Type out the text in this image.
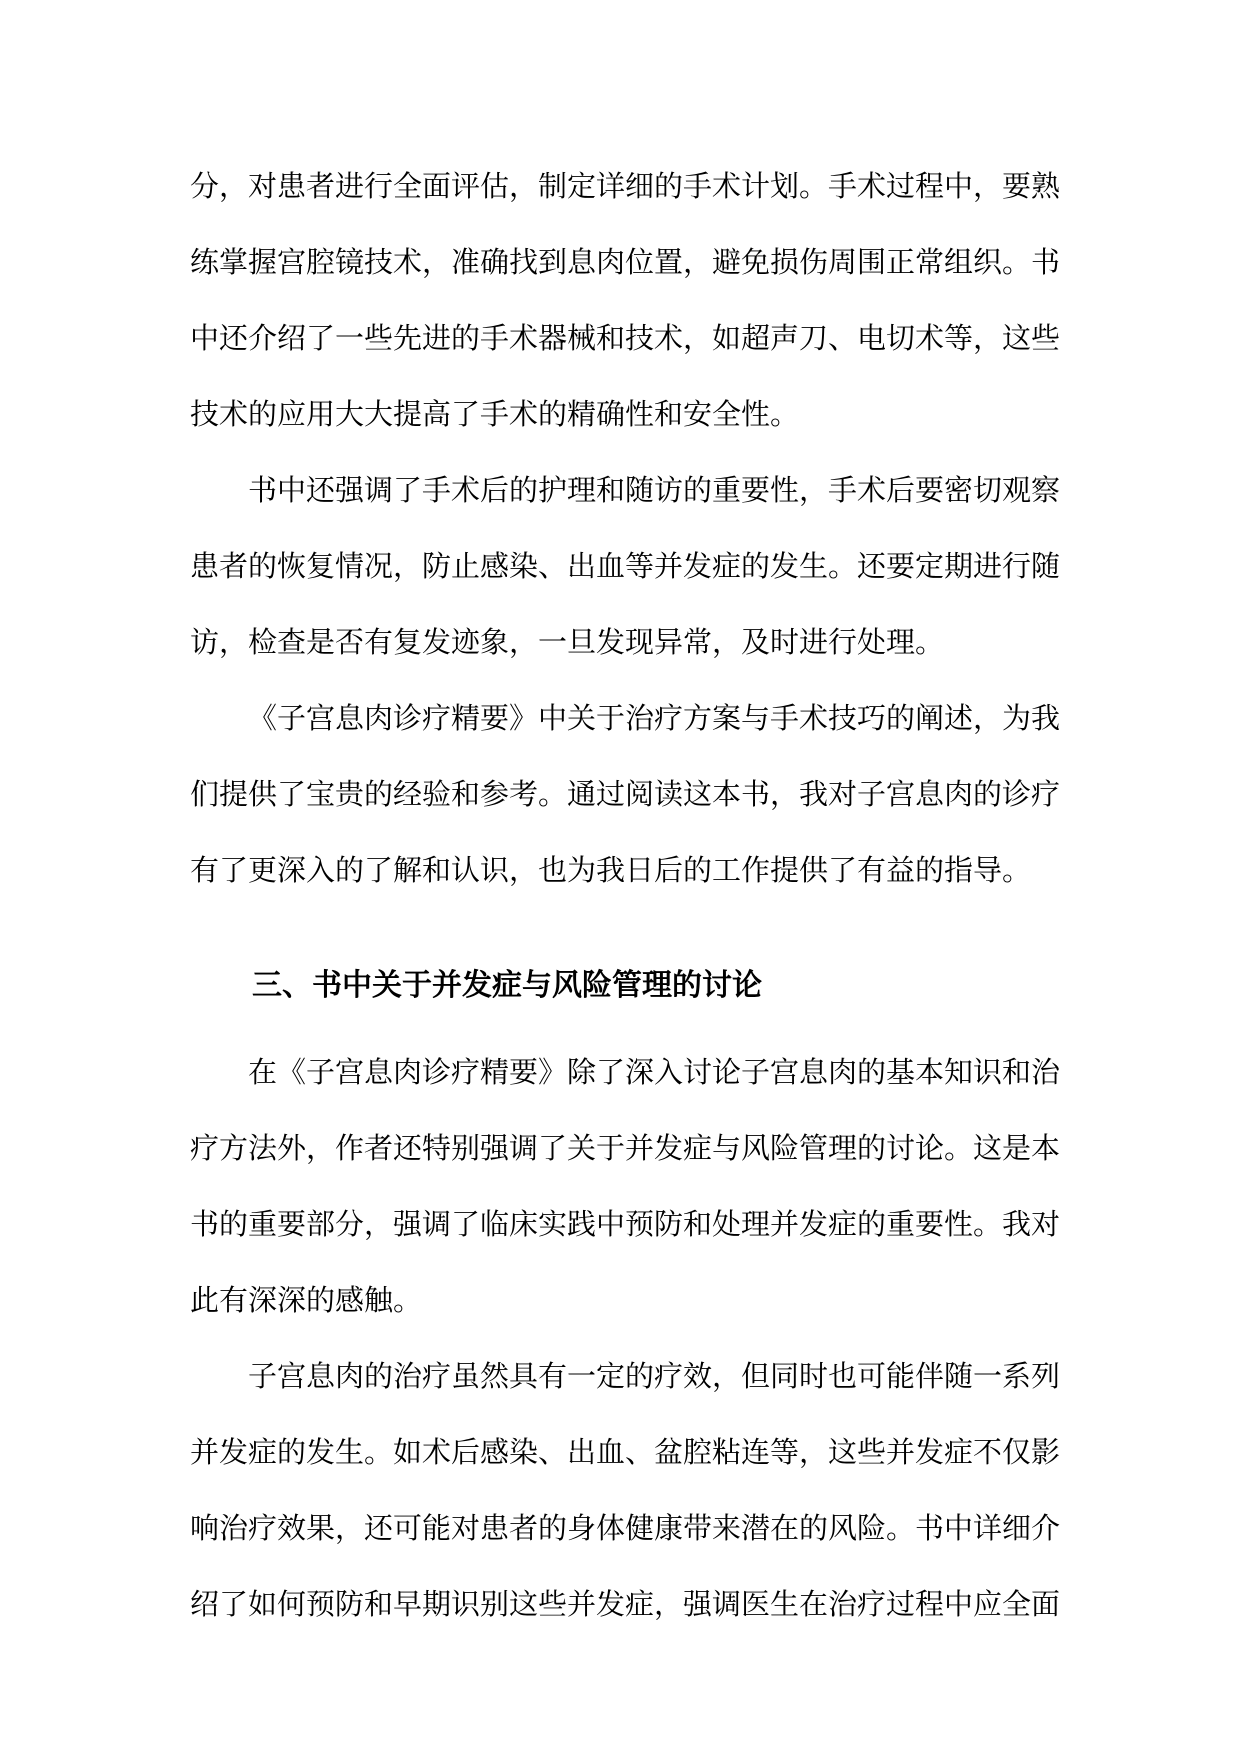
分，对患者进行全面评估，制定详细的手术计划。手术过程中，要熟练掌握宫腔镜技术，准确找到息肉位置，避免损伤周围正常组织。书中还介绍了一些先进的手术器械和技术，如超声刀、电切术等，这些技术的应用大大提高了手术的精确性和安全性。

书中还强调了手术后的护理和随访的重要性，手术后要密切观察患者的恢复情况，防止感染、出血等并发症的发生。还要定期进行随访，检查是否有复发迹象，一旦发现异常，及时进行处理。

《子宫息肉诊疗精要》中关于治疗方案与手术技巧的阐述，为我们提供了宝贵的经验和参考。通过阅读这本书，我对子宫息肉的诊疗有了更深入的了解和认识，也为我日后的工作提供了有益的指导。

三、书中关于并发症与风险管理的讨论

在《子宫息肉诊疗精要》除了深入讨论子宫息肉的基本知识和治疗方法外，作者还特别强调了关于并发症与风险管理的讨论。这是本书的重要部分，强调了临床实践中预防和处理并发症的重要性。我对此有深深的感触。

子宫息肉的治疗虽然具有一定的疗效，但同时也可能伴随一系列并发症的发生。如术后感染、出血、盆腔粘连等，这些并发症不仅影响治疗效果，还可能对患者的身体健康带来潜在的风险。书中详细介绍了如何预防和早期识别这些并发症，强调医生在治疗过程中应全面
